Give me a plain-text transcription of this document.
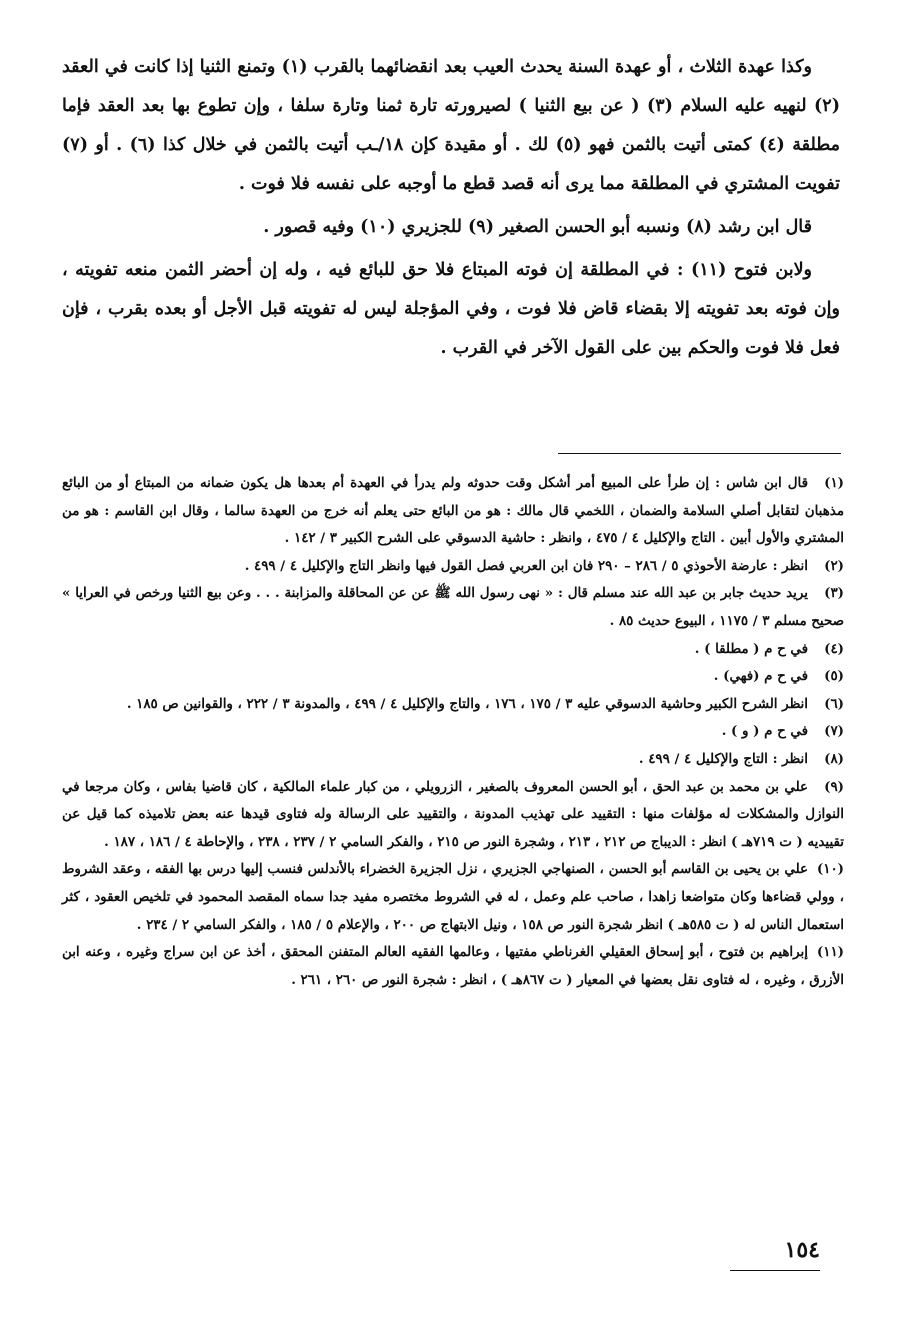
وكذا عهدة الثلاث ، أو عهدة السنة يحدث العيب بعد انقضائهما بالقرب (١) وتمنع الثنيا إذا كانت في العقد (٢) لنهيه عليه السلام (٣) ( عن بيع الثنيا ) لصيرورته تارة ثمنا وتارة سلفا ، وإن تطوع بها بعد العقد فإما مطلقة (٤) كمتى أتيت بالثمن فهو (٥) لك . أو مقيدة كإن ١٨/ـب أتيت بالثمن في خلال كذا (٦) . أو (٧) تفويت المشتري في المطلقة مما يرى أنه قصد قطع ما أوجبه على نفسه فلا فوت .

قال ابن رشد (٨) ونسبه أبو الحسن الصغير (٩) للجزيري (١٠) وفيه قصور .

ولابن فتوح (١١) : في المطلقة إن فوته المبتاع فلا حق للبائع فيه ، وله إن أحضر الثمن منعه تفويته ، وإن فوته بعد تفويته إلا بقضاء قاض فلا فوت ، وفي المؤجلة ليس له تفويته قبل الأجل أو بعده بقرب ، فإن فعل فلا فوت والحكم بين على القول الآخر في القرب .

(١)قال ابن شاس : إن طرأ على المبيع أمر أشكل وقت حدوثه ولم يدرأ في العهدة أم بعدها هل يكون ضمانه من المبتاع أو من البائع مذهبان لتقابل أصلي السلامة والضمان ، اللخمي قال مالك : هو من البائع حتى يعلم أنه خرج من العهدة سالما ، وقال ابن القاسم : هو من المشتري والأول أبين . التاج والإكليل ٤ / ٤٧٥ ، وانظر : حاشية الدسوقي على الشرح الكبير ٣ / ١٤٢ .

(٢)انظر : عارضة الأحوذي ٥ / ٢٨٦ – ٢٩٠ فان ابن العربي فصل القول فيها وانظر التاج والإكليل ٤ / ٤٩٩ .

(٣)يريد حديث جابر بن عبد الله عند مسلم قال : « نهى رسول الله ﷺ عن عن المحاقلة والمزابنة . . . وعن بيع الثنيا ورخص في العرايا » صحيح مسلم ٣ / ١١٧٥ ، البيوع حديث ٨٥ .

(٤)في ح م ( مطلقا ) .

(٥)في ح م (فهي) .

(٦)انظر الشرح الكبير وحاشية الدسوقي عليه ٣ / ١٧٥ ، ١٧٦ ، والتاج والإكليل ٤ / ٤٩٩ ، والمدونة ٣ / ٢٢٢ ، والقوانين ص ١٨٥ .

(٧)في ح م ( و ) .

(٨)انظر : التاج والإكليل ٤ / ٤٩٩ .

(٩)علي بن محمد بن عبد الحق ، أبو الحسن المعروف بالصغير ، الزرويلي ، من كبار علماء المالكية ، كان قاضيا بفاس ، وكان مرجعا في النوازل والمشكلات له مؤلفات منها : التقييد على تهذيب المدونة ، والتقييد على الرسالة وله فتاوى قيدها عنه بعض تلاميذه كما قيل عن تقييديه ( ت ٧١٩هـ ) انظر : الديباج ص ٢١٢ ، ٢١٣ ، وشجرة النور ص ٢١٥ ، والفكر السامي ٢ / ٢٣٧ ، ٢٣٨ ، والإحاطة ٤ / ١٨٦ ، ١٨٧ .

(١٠)علي بن يحيى بن القاسم أبو الحسن ، الصنهاجي الجزيري ، نزل الجزيرة الخضراء بالأندلس فنسب إليها درس بها الفقه ، وعقد الشروط ، وولي قضاءها وكان متواضعا زاهدا ، صاحب علم وعمل ، له في الشروط مختصره مفيد جدا سماه المقصد المحمود في تلخيص العقود ، كثر استعمال الناس له ( ت ٥٨٥هـ ) انظر شجرة النور ص ١٥٨ ، ونيل الابتهاج ص ٢٠٠ ، والإعلام ٥ / ١٨٥ ، والفكر السامي ٢ / ٢٣٤ .

(١١)إبراهيم بن فتوح ، أبو إسحاق العقيلي الغرناطي مفتيها ، وعالمها الفقيه العالم المتفنن المحقق ، أخذ عن ابن سراج وغيره ، وعنه ابن الأزرق ، وغيره ، له فتاوى نقل بعضها في المعيار ( ت ٨٦٧هـ ) ، انظر : شجرة النور ص ٢٦٠ ، ٢٦١ .

١٥٤
